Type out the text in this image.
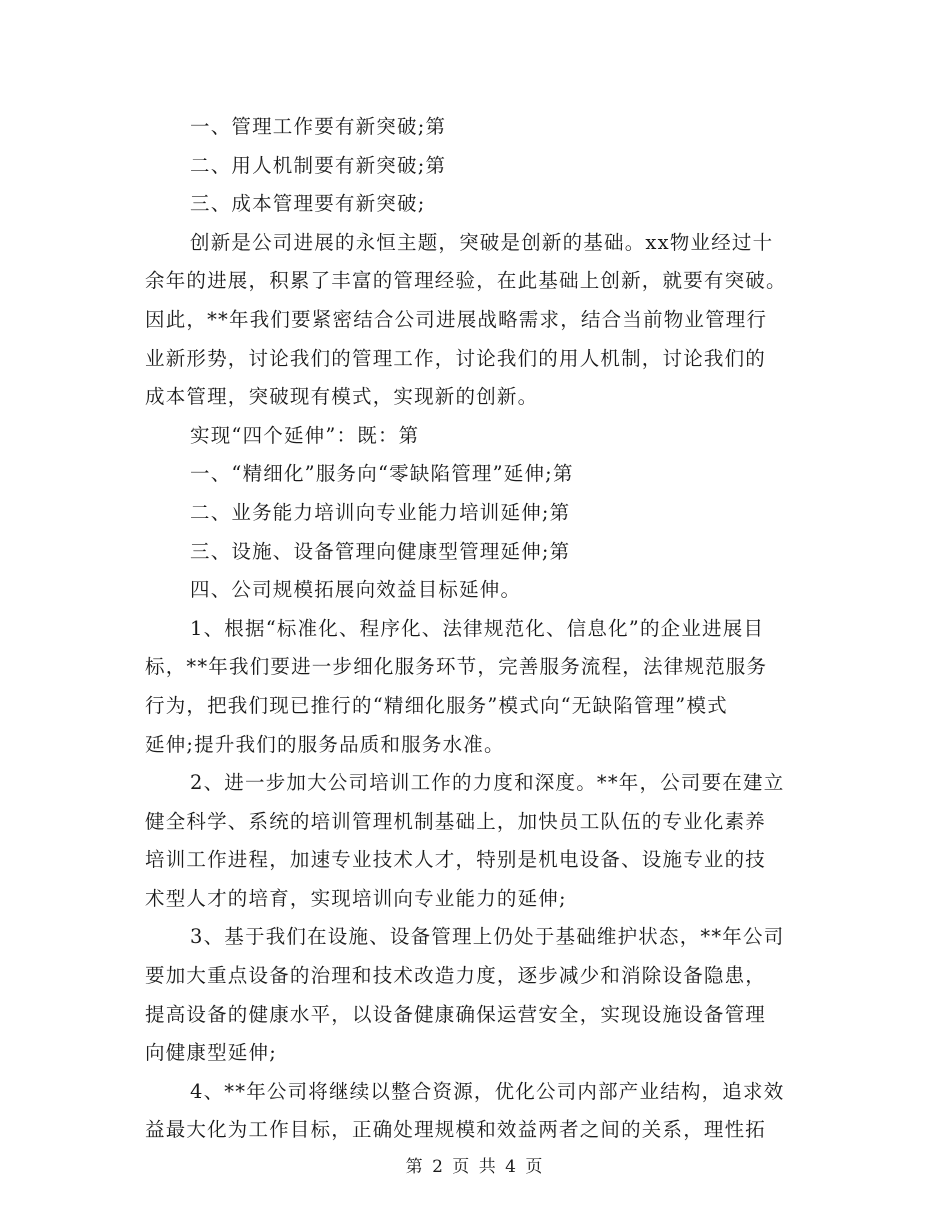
一、管理工作要有新突破;第
二、用人机制要有新突破;第
三、成本管理要有新突破;
创新是公司进展的永恒主题，突破是创新的基础。xx物业经过十
余年的进展，积累了丰富的管理经验，在此基础上创新，就要有突破。
因此，**年我们要紧密结合公司进展战略需求，结合当前物业管理行
业新形势，讨论我们的管理工作，讨论我们的用人机制，讨论我们的
成本管理，突破现有模式，实现新的创新。
实现“四个延伸”：既：第
一、“精细化”服务向“零缺陷管理”延伸;第
二、业务能力培训向专业能力培训延伸;第
三、设施、设备管理向健康型管理延伸;第
四、公司规模拓展向效益目标延伸。
1、根据“标准化、程序化、法律规范化、信息化”的企业进展目
标，**年我们要进一步细化服务环节，完善服务流程，法律规范服务
行为，把我们现已推行的“精细化服务”模式向“无缺陷管理”模式
延伸;提升我们的服务品质和服务水准。
2、进一步加大公司培训工作的力度和深度。**年，公司要在建立
健全科学、系统的培训管理机制基础上，加快员工队伍的专业化素养
培训工作进程，加速专业技术人才，特别是机电设备、设施专业的技
术型人才的培育，实现培训向专业能力的延伸;
3、基于我们在设施、设备管理上仍处于基础维护状态，**年公司
要加大重点设备的治理和技术改造力度，逐步减少和消除设备隐患，
提高设备的健康水平，以设备健康确保运营安全，实现设施设备管理
向健康型延伸;
4、**年公司将继续以整合资源，优化公司内部产业结构，追求效
益最大化为工作目标，正确处理规模和效益两者之间的关系，理性拓
第 2 页 共 4 页
